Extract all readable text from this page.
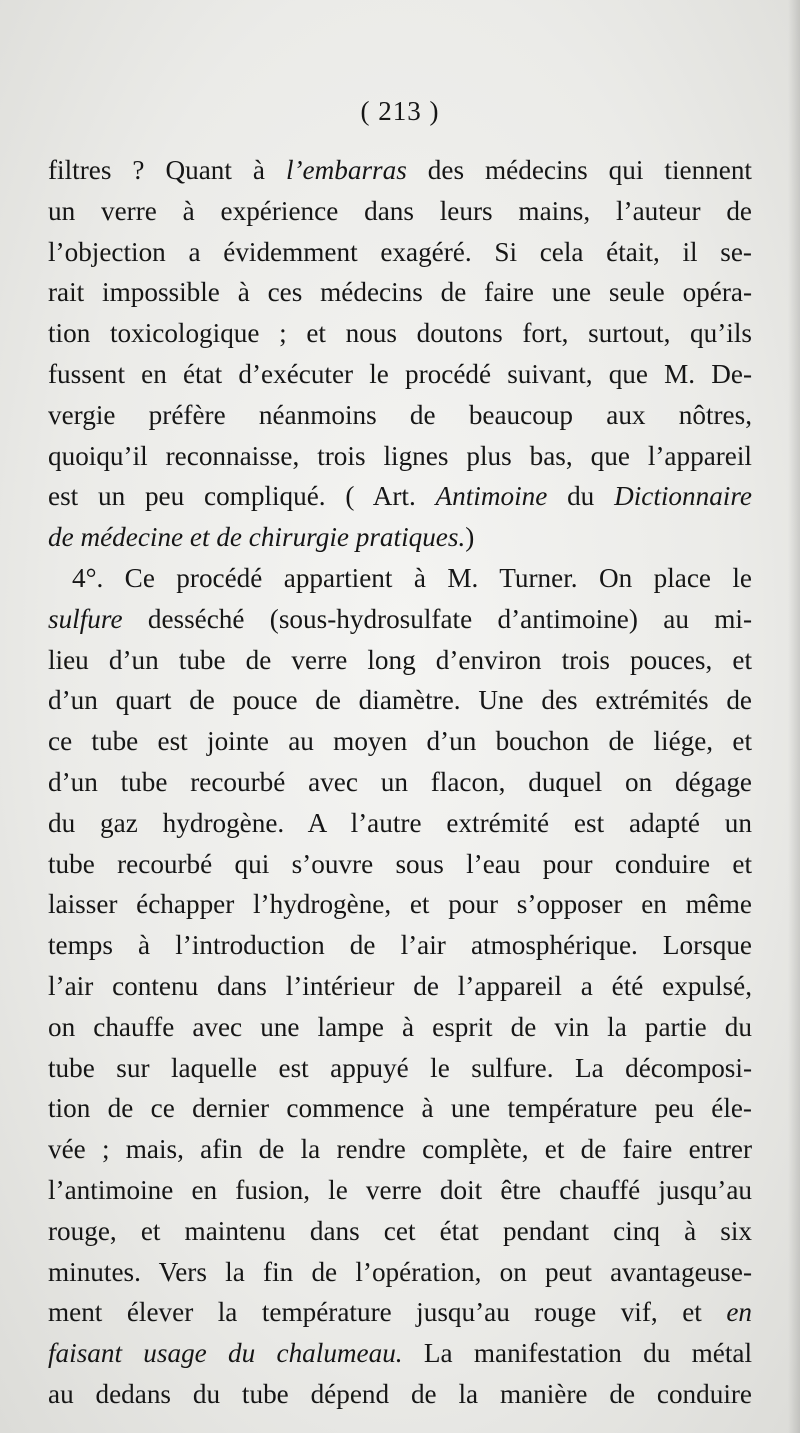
( 213 )
filtres ? Quant à l’embarras des médecins qui tiennent
un verre à expérience dans leurs mains, l’auteur de
l’objection a évidemment exagéré. Si cela était, il se-
rait impossible à ces médecins de faire une seule opéra-
tion toxicologique ; et nous doutons fort, surtout, qu’ils
fussent en état d’exécuter le procédé suivant, que M. De-
vergie préfère néanmoins de beaucoup aux nôtres,
quoiqu’il reconnaisse, trois lignes plus bas, que l’appareil
est un peu compliqué. ( Art. Antimoine du Dictionnaire
de médecine et de chirurgie pratiques.)
4°. Ce procédé appartient à M. Turner. On place le
sulfure desséché (sous-hydrosulfate d’antimoine) au mi-
lieu d’un tube de verre long d’environ trois pouces, et
d’un quart de pouce de diamètre. Une des extrémités de
ce tube est jointe au moyen d’un bouchon de liége, et
d’un tube recourbé avec un flacon, duquel on dégage
du gaz hydrogène. A l’autre extrémité est adapté un
tube recourbé qui s’ouvre sous l’eau pour conduire et
laisser échapper l’hydrogène, et pour s’opposer en même
temps à l’introduction de l’air atmosphérique. Lorsque
l’air contenu dans l’intérieur de l’appareil a été expulsé,
on chauffe avec une lampe à esprit de vin la partie du
tube sur laquelle est appuyé le sulfure. La décomposi-
tion de ce dernier commence à une température peu éle-
vée ; mais, afin de la rendre complète, et de faire entrer
l’antimoine en fusion, le verre doit être chauffé jusqu’au
rouge, et maintenu dans cet état pendant cinq à six
minutes. Vers la fin de l’opération, on peut avantageuse-
ment élever la température jusqu’au rouge vif, et en
faisant usage du chalumeau. La manifestation du métal
au dedans du tube dépend de la manière de conduire
